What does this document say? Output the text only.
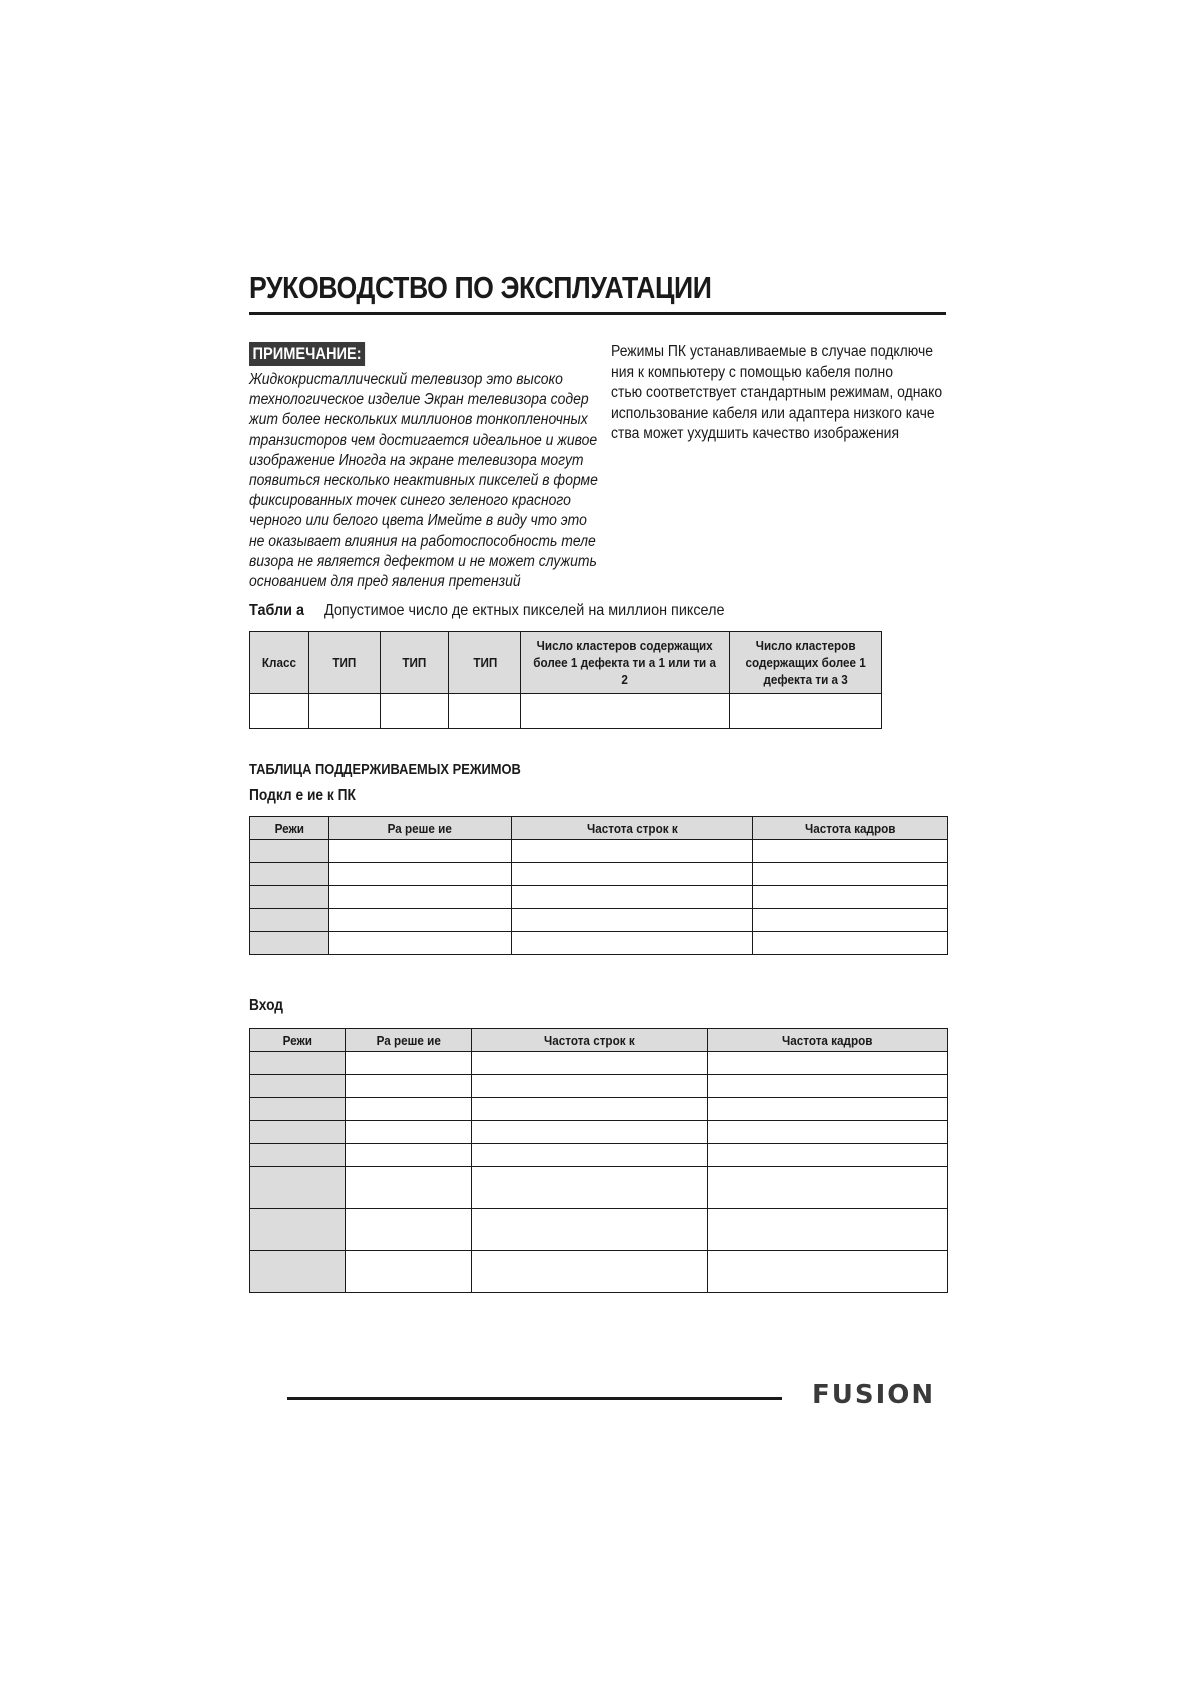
РУКОВОДСТВО ПО ЭКСПЛУАТАЦИИ
ПРИМЕЧАНИЕ:
Жидкокристаллический телевизор это высоко
технологическое изделие Экран телевизора содер
жит более нескольких миллионов тонкопленочных
транзисторов чем достигается идеальное и живое
изображение Иногда на экране телевизора могут
появиться несколько неактивных пикселей в форме
фиксированных точек синего зеленого красного
черного или белого цвета Имейте в виду что это
не оказывает влияния на работоспособность теле
визора не является дефектом и не может служить
основанием для пред явления претензий
Режимы ПК устанавливаемые в случае подключе
ния к компьютеру с помощью кабеля полно
стью соответствует стандартным режимам, однако
использование кабеля или адаптера низкого каче
ства может ухудшить качество изображения
Табли а Допустимое число де ектных пикселей на миллион пикселе
Класс	ТИП	ТИП	ТИП	Число кластеров содержащих более 1 дефекта ти а 1 или ти а 2	Число кластеров содержащих более 1 дефекта ти а 3

ТАБЛИЦА ПОДДЕРЖИВАЕМЫХ РЕЖИМОВ
Подкл е ие к ПК
Режи	Ра реше ие	Частота строк к	Частота кадров

Вход
Режи	Ра реше ие	Частота строк к	Частота кадров

FUSION
